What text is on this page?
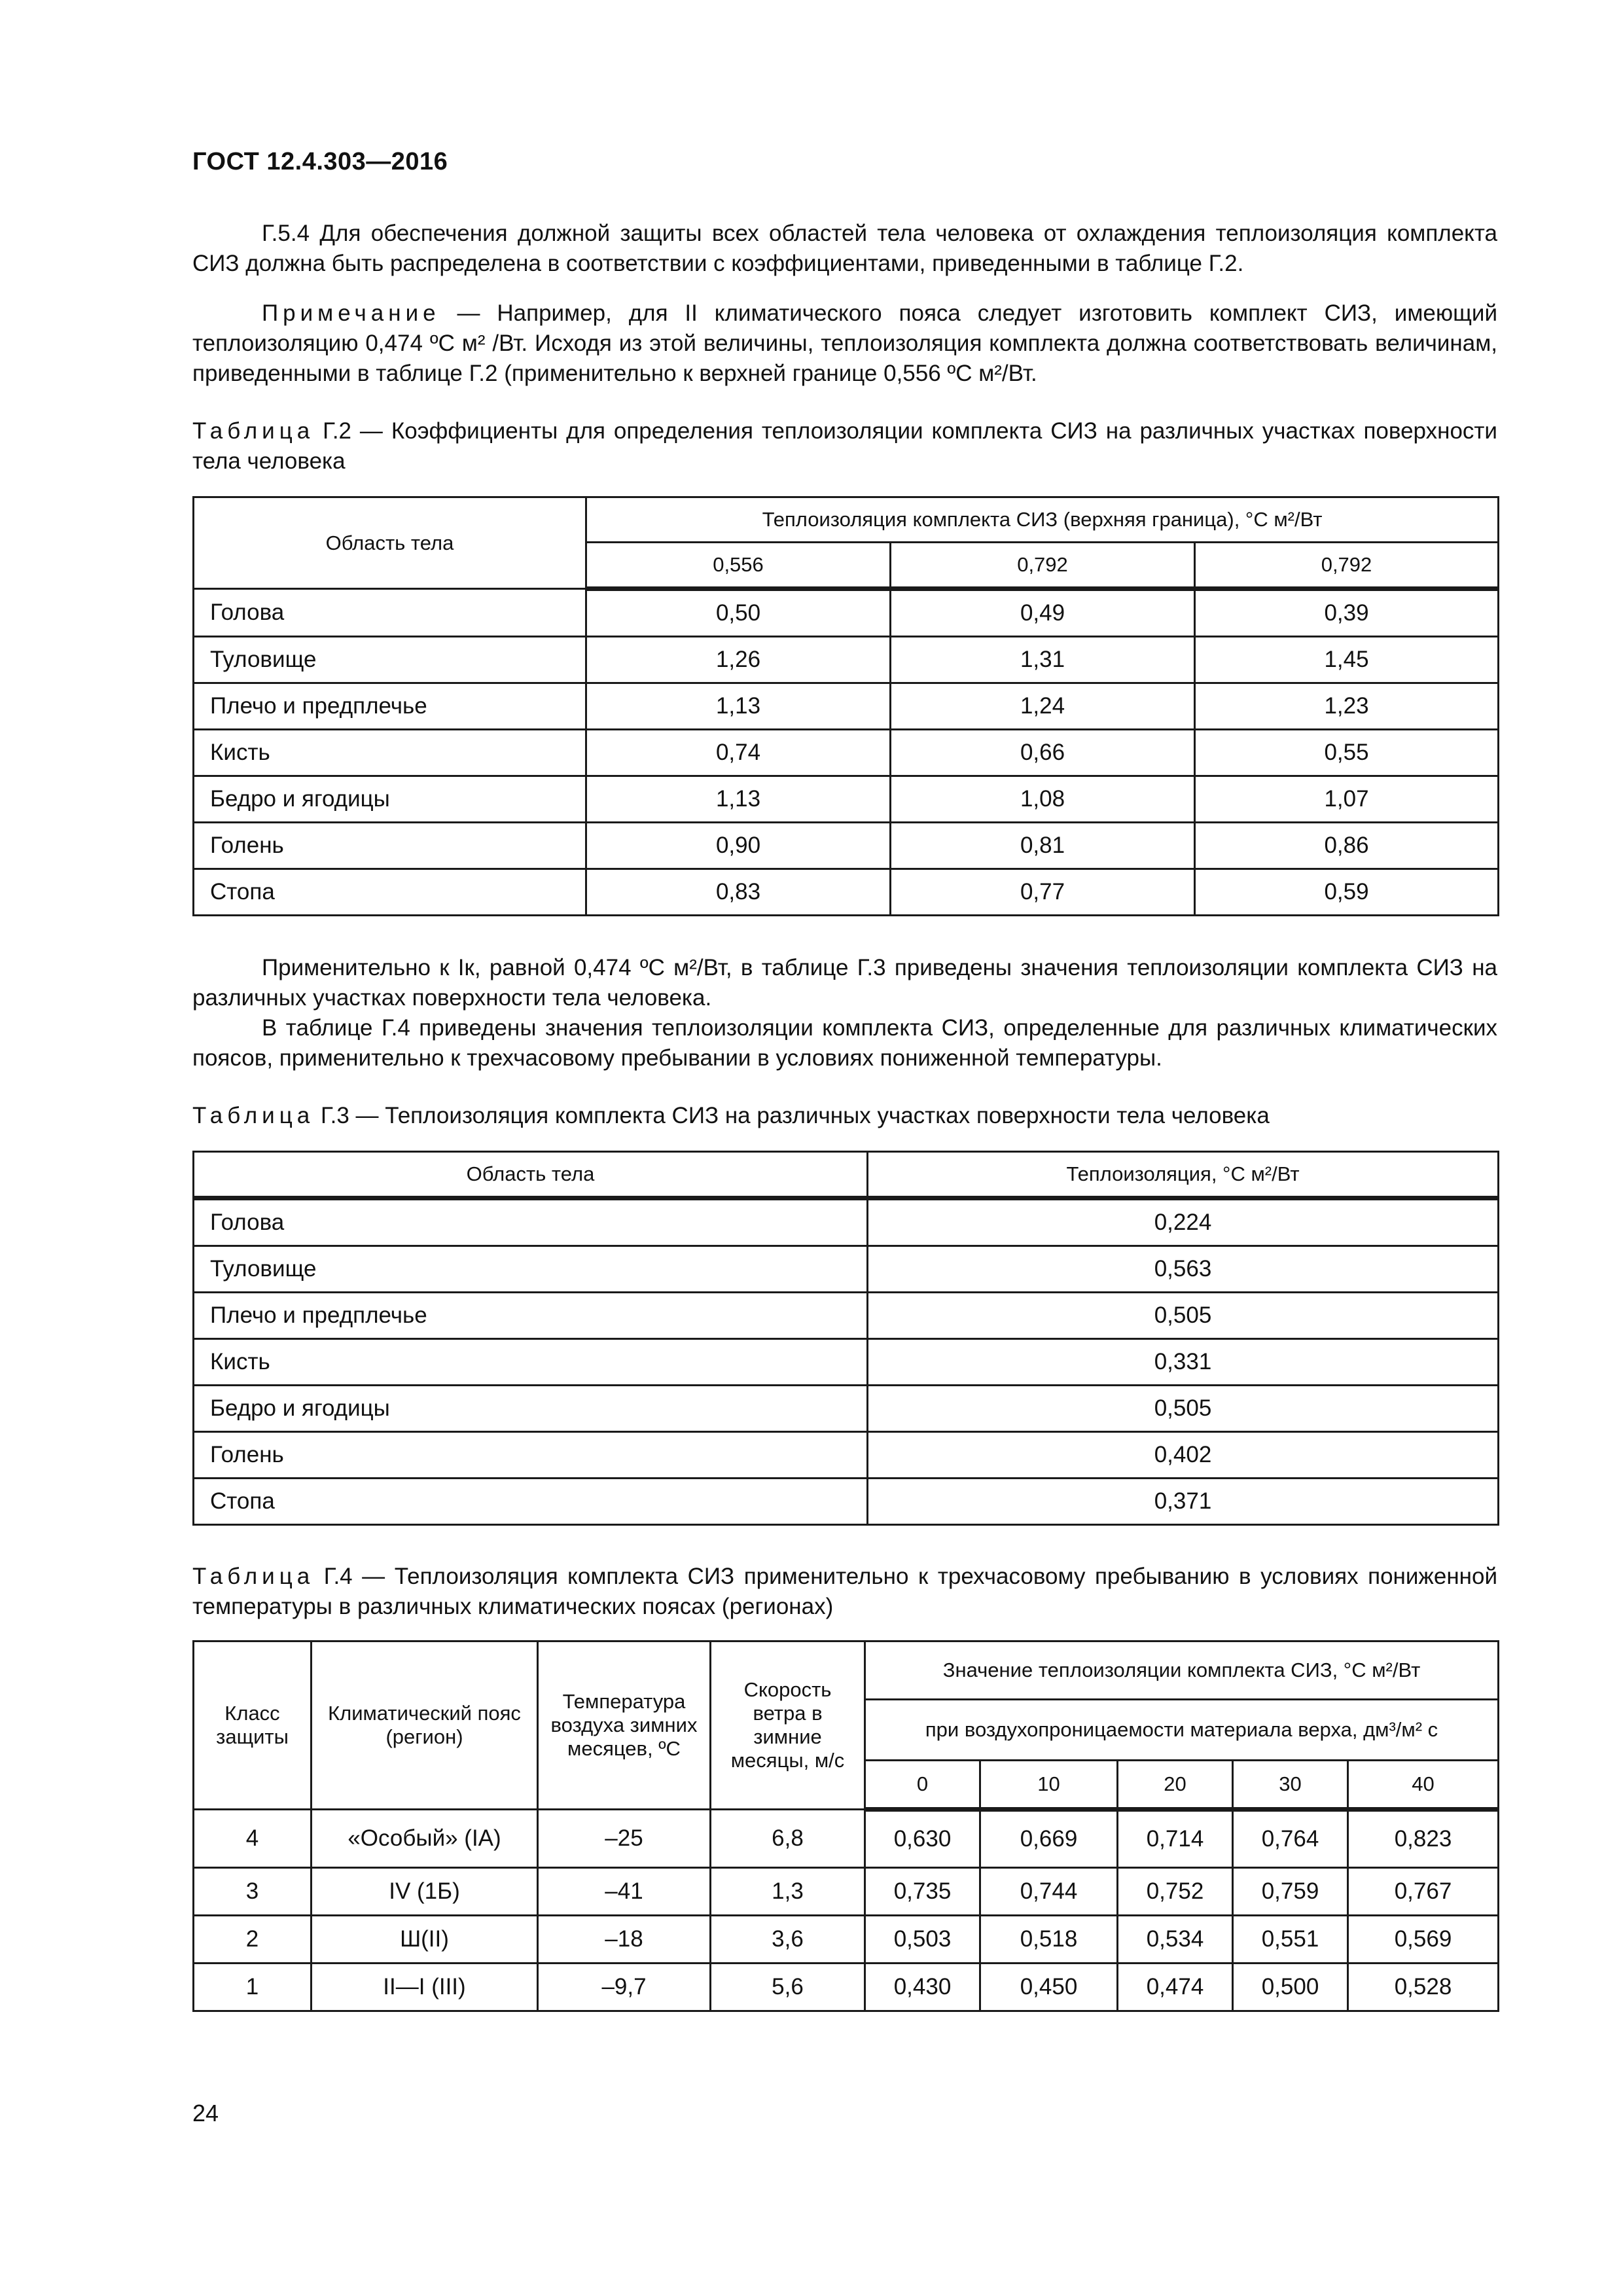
ГОСТ 12.4.303—2016

Г.5.4 Для обеспечения должной защиты всех областей тела человека от охлаждения теплоизоляция комплекта СИЗ должна быть распределена в соответствии с коэффициентами, приведенными в таблице Г.2.

Примечание — Например, для II климатического пояса следует изготовить комплект СИЗ, имеющий теплоизоляцию 0,474 ºС м² /Вт. Исходя из этой величины, теплоизоляция комплекта должна соответствовать величинам, приведенными в таблице Г.2 (применительно к верхней границе 0,556 ºС м²/Вт.

Таблица Г.2 — Коэффициенты для определения теплоизоляции комплекта СИЗ на различных участках поверхности тела человека

Область тела	Теплоизоляция комплекта СИЗ (верхняя граница), °С м²/Вт		
	0,556	0,792	0,792
Голова	0,50	0,49	0,39
Туловище	1,26	1,31	1,45
Плечо и предплечье	1,13	1,24	1,23
Кисть	0,74	0,66	0,55
Бедро и ягодицы	1,13	1,08	1,07
Голень	0,90	0,81	0,86
Стопа	0,83	0,77	0,59

Применительно к Iк, равной 0,474 ºС м²/Вт, в таблице Г.3 приведены значения теплоизоляции комплекта СИЗ на различных участках поверхности тела человека.

В таблице Г.4 приведены значения теплоизоляции комплекта СИЗ, определенные для различных климатических поясов, применительно к трехчасовому пребывании в условиях пониженной температуры.

Таблица Г.3 — Теплоизоляция комплекта СИЗ на различных участках поверхности тела человека

Область тела	Теплоизоляция, °С м²/Вт
Голова	0,224
Туловище	0,563
Плечо и предплечье	0,505
Кисть	0,331
Бедро и ягодицы	0,505
Голень	0,402
Стопа	0,371

Таблица Г.4 — Теплоизоляция комплекта СИЗ применительно к трехчасовому пребыванию в условиях пониженной температуры в различных климатических поясах (регионах)

Класс защиты	Климатический пояс (регион)	Температура воздуха зимних месяцев, ºС	Скорость ветра в зимние месяцы, м/с	Значение теплоизоляции комплекта СИЗ, °С м²/Вт				
				при воздухопроницаемости материала верха, дм³/м² с				
				0	10	20	30	40
4	«Особый» (IA)	–25	6,8	0,630	0,669	0,714	0,764	0,823
3	IV (1Б)	–41	1,3	0,735	0,744	0,752	0,759	0,767
2	Ш(II)	–18	3,6	0,503	0,518	0,534	0,551	0,569
1	II—I (III)	–9,7	5,6	0,430	0,450	0,474	0,500	0,528
24
